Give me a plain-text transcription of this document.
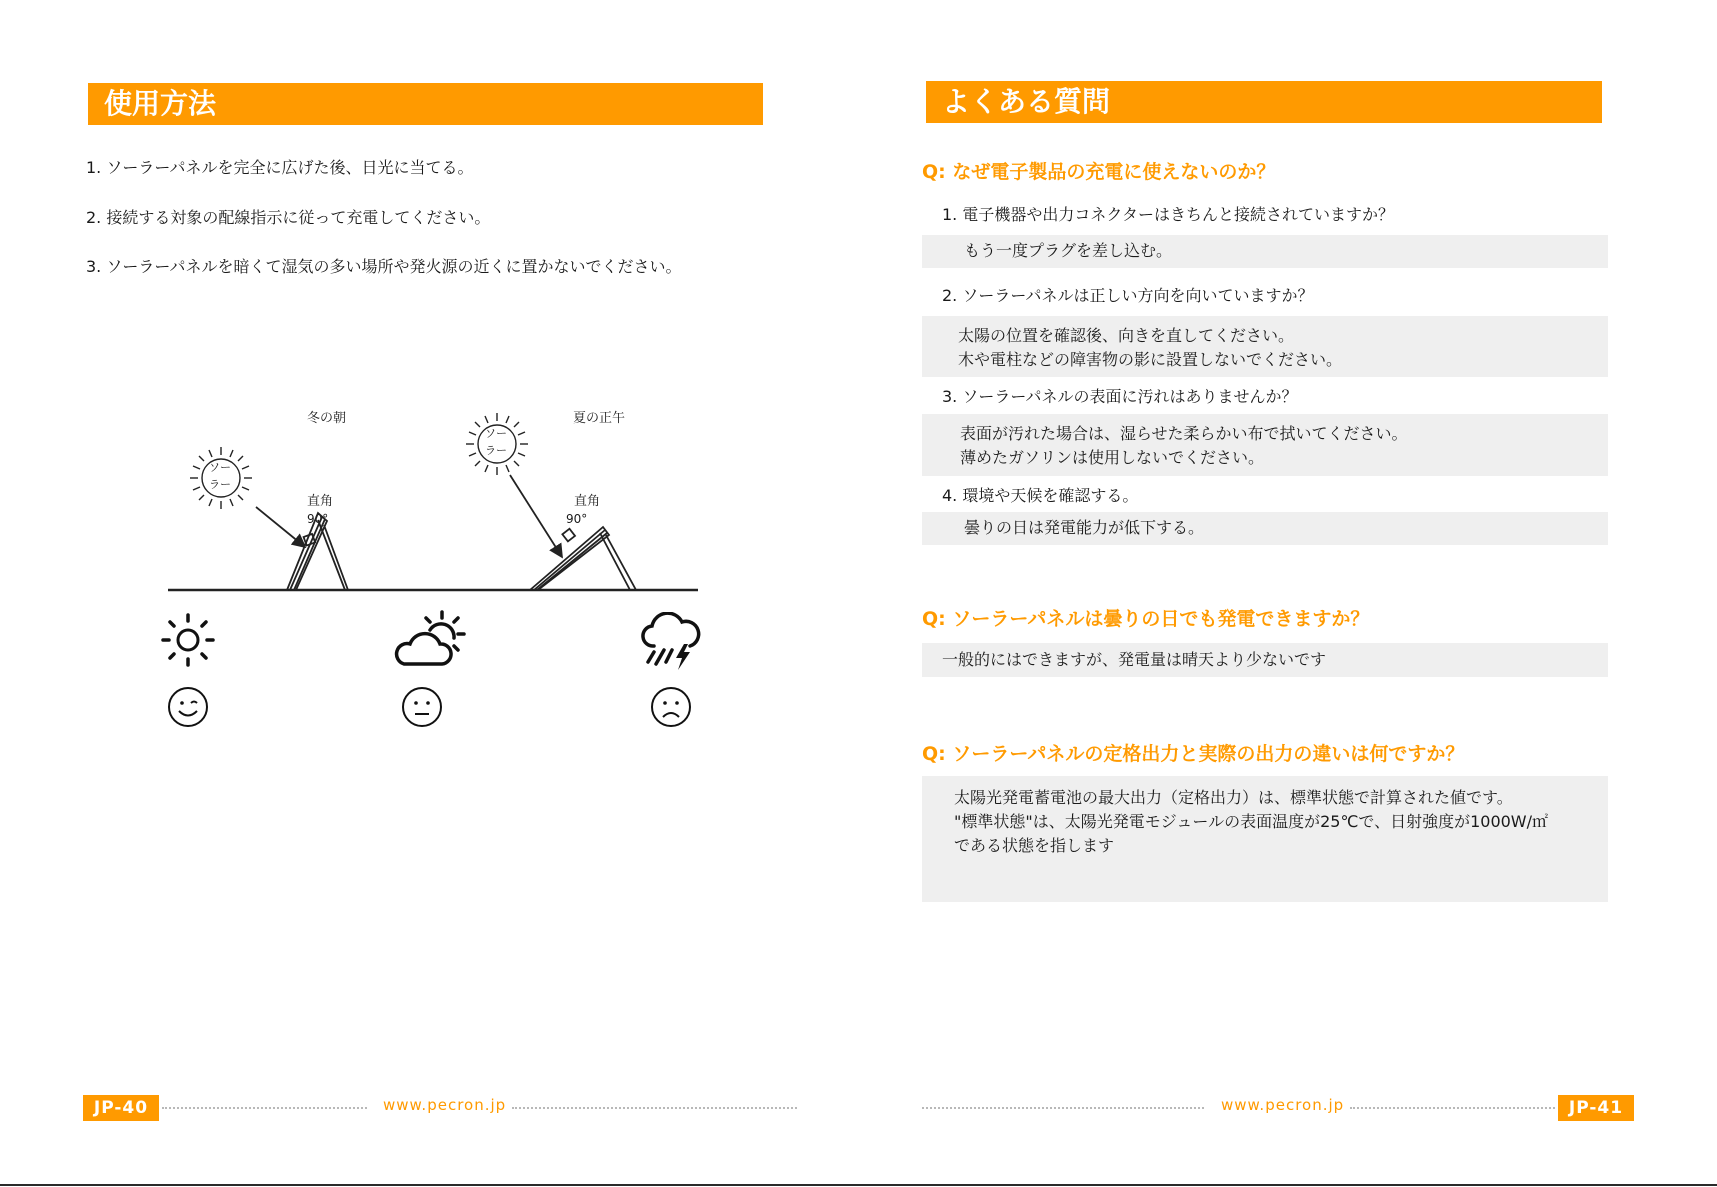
使用方法
1. ソーラーパネルを完全に広げた後、日光に当てる。
2. 接続する対象の配線指示に従って充電してください。
3. ソーラーパネルを暗くて湿気の多い場所や発火源の近くに置かないでください。
冬の朝	夏の正午
直角
90°
直角
90°
ソー
ラー
ソー
ラー
JP-40	www.pecron.jp
よくある質問
Q: なぜ電子製品の充電に使えないのか？
1. 電子機器や出力コネクターはきちんと接続されていますか？
もう一度プラグを差し込む。
2. ソーラーパネルは正しい方向を向いていますか？
太陽の位置を確認後、向きを直してください。
木や電柱などの障害物の影に設置しないでください。
3. ソーラーパネルの表面に汚れはありませんか？
表面が汚れた場合は、湿らせた柔らかい布で拭いてください。
薄めたガソリンは使用しないでください。
4. 環境や天候を確認する。
曇りの日は発電能力が低下する。
Q: ソーラーパネルは曇りの日でも発電できますか？
一般的にはできますが、発電量は晴天より少ないです
Q: ソーラーパネルの定格出力と実際の出力の違いは何ですか？
太陽光発電蓄電池の最大出力（定格出力）は、標準状態で計算された値です。
"標準状態"は、太陽光発電モジュールの表面温度が25℃で、日射強度が1000W/㎡
である状態を指します
www.pecron.jp	JP-41
